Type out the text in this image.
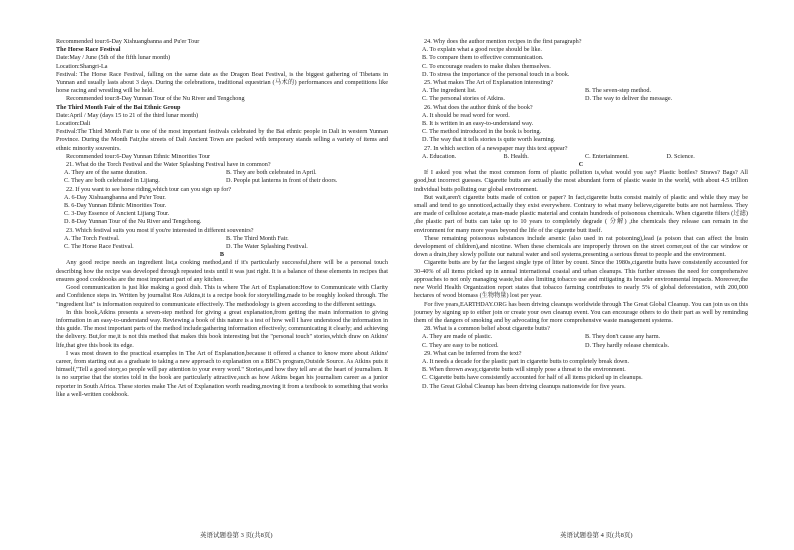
Recommended tour:6-Day Xishuangbanna and Pu'er Tour

The Horse Race Festival

Date:May / June (5th of the fifth lunar month)

Location:Shangri-La

Festival: The Horse Race Festival, falling on the same date as the Dragon Boat Festival, is the biggest gathering of Tibetans in Yunnan and usually lasts about 3 days. During the celebrations, traditional equestrian (马术的) performances and competitions like horse racing and wrestling will be held.

Recommended tour:8-Day Yunnan Tour of the Nu River and Tengchong

The Third Month Fair of the Bai Ethnic Group

Date:April / May (days 15 to 21 of the third lunar month)

Location:Dali

Festival:The Third Month Fair is one of the most important festivals celebrated by the Bai ethnic people in Dali in western Yunnan Province. During the Month Fair,the streets of Dali Ancient Town are packed with temporary stands selling a variety of items and ethnic minority souvenirs.

Recommended tour:6-Day Yunnan Ethnic Minorities Tour

21. What do the Torch Festival and the Water Splashing Festival have in common?

A. They are of the same duration.	B. They are both celebrated in April.
C. They are both celebrated in Lijiang.	D. People put lanterns in front of their doors.

22. If you want to see horse riding,which tour can you sign up for?

A. 6-Day Xishuangbanna and Pu'er Tour.

B. 6-Day Yunnan Ethnic Minorities Tour.

C. 3-Day Essence of Ancient Lijiang Tour.

D. 8-Day Yunnan Tour of the Nu River and Tengchong.

23. Which festival suits you most if you're interested in different souvenirs?

A. The Torch Festival.	B. The Third Month Fair.
C. The Horse Race Festival.	D. The Water Splashing Festival.

B

Any good recipe needs an ingredient list,a cooking method,and if it's particularly successful,there will be a personal touch describing how the recipe was developed through repeated tests until it was just right. It is a balance of these elements in recipes that ensures good cookbooks are the most important part of any kitchen.

Good communication is just like making a good dish. This is where The Art of Explanation:How to Communicate with Clarity and Confidence steps in. Written by journalist Ros Atkins,it is a recipe book for storytelling,made to be roughly looked through. The "ingredient list" is information required to communicate effectively. The methodology is given according to the different settings.

In this book,Atkins presents a seven-step method for giving a great explanation,from getting the main information to giving information in an easy-to-understand way. Reviewing a book of this nature is a test of how well I have understood the information in this guide. The most important parts of the method include:gathering information effectively; communicating it clearly; and achieving the delivery. But,for me,it is not this method that makes this book interesting but the "personal touch" stories,which draw on Atkins' life,that give this book its edge.

I was most drawn to the practical examples in The Art of Explanation,because it offered a chance to know more about Atkins' career, from starting out as a graduate to taking a new approach to explanation on a BBC's program,Outside Source. As Atkins puts it himself,"Tell a good story,so people will pay attention to your every word." Stories,and how they tell are at the heart of journalism. It is no surprise that the stories told in the book are particularly attractive,such as how Atkins began his journalism career as a junior reporter in South Africa. These stories make The Art of Explanation worth reading,moving it from a textbook to something that works like a well-written cookbook.

24. Why does the author mention recipes in the first paragraph?

A. To explain what a good recipe should be like.

B. To compare them to effective communication.

C. To encourage readers to make dishes themselves.

D. To stress the importance of the personal touch in a book.

25. What makes The Art of Explanation interesting?

A. The ingredient list.	B. The seven-step method.
C. The personal stories of Atkins.	D. The way to deliver the message.

26. What does the author think of the book?

A. It should be read word for word.

B. It is written in an easy-to-understand way.

C. The method introduced in the book is boring.

D. The way that it tells stories is quite worth learning.

27. In which section of a newspaper may this text appear?

A. Education.	B. Health.	C. Entertainment.	D. Science.

C

If I asked you what the most common form of plastic pollution is,what would you say? Plastic bottles? Straws? Bags? All good,but incorrect guesses. Cigarette butts are actually the most abundant form of plastic waste in the world, with about 4.5 trillion individual butts polluting our global environment.

But wait,aren't cigarette butts made of cotton or paper? In fact,cigarette butts consist mainly of plastic and while they may be small and tend to go unnoticed,actually they exist everywhere. Contrary to what many believe,cigarette butts are not harmless. They are made of cellulose acetate,a man-made plastic material and contain hundreds of poisonous chemicals. When cigarette filters (过滤) ,the plastic part of butts can take up to 10 years to completely degrade ( 分解) ,the chemicals they release can remain in the environment for many more years beyond the life of the cigarette butt itself.

These remaining poisonous substances include arsenic (also used in rat poisoning),lead (a poison that can affect the brain development of children),and nicotine. When these chemicals are improperly thrown on the street corner,out of the car window or down a drain,they slowly pollute our natural water and soil systems,presenting a serious threat to people and the environment.

Cigarette butts are by far the largest single type of litter by count. Since the 1980s,cigarette butts have consistently accounted for 30-40% of all items picked up in annual international coastal and urban cleanups. This further stresses the need for comprehensive approaches to not only managing waste,but also limiting tobacco use and mitigating its broader environmental impacts. Moreover,the new World Health Organization report states that tobacco farming contributes to nearly 5% of global deforestation, with 200,000 hectares of wood biomass (生物物量) lost per year.

For five years,EARTHDAY.ORG has been driving cleanups worldwide through The Great Global Cleanup. You can join us on this journey by signing up to either join or create your own cleanup event. You can encourage others to do their part as well by reminding them of the dangers of smoking and by advocating for more comprehensive waste management systems.

28. What is a common belief about cigarette butts?

A. They are made of plastic.	B. They don't cause any harm.
C. They are easy to be noticed.	D. They hardly release chemicals.

29. What can be inferred from the text?

A. It needs a decade for the plastic part in cigarette butts to completely break down.

B. When thrown away,cigarette butts will simply pose a threat to the environment.

C. Cigarette butts have consistently accounted for half of all items picked up in cleanups.

D. The Great Global Cleanup has been driving cleanups nationwide for five years.

英语试题卷第 3 页(共8页)	英语试题卷第 4 页(共8页)
